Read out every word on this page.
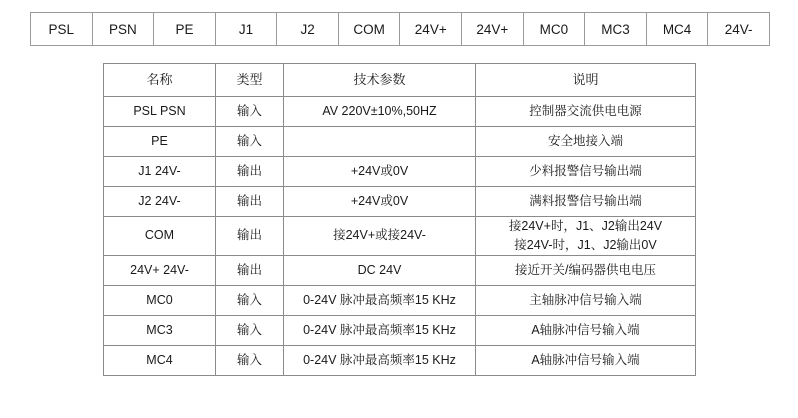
PSL	PSN	PE	J1	J2	COM	24V+	24V+	MC0	MC3	MC4	24V-
名称	类型	技术参数	说明
PSL PSN	输入	AV 220V±10%,50HZ	控制器交流供电电源
PE	输入		安全地接入端
J1 24V-	输出	+24V或0V	少料报警信号输出端
J2 24V-	输出	+24V或0V	满料报警信号输出端
COM	输出	接24V+或接24V-	接24V+时，J1、J2输出24V
接24V-时，J1、J2输出0V

24V+ 24V-	输出	DC 24V	接近开关/编码器供电电压
MC0	输入	0-24V 脉冲最高频率15 KHz	主轴脉冲信号输入端
MC3	输入	0-24V 脉冲最高频率15 KHz	A轴脉冲信号输入端
MC4	输入	0-24V 脉冲最高频率15 KHz	A轴脉冲信号输入端
